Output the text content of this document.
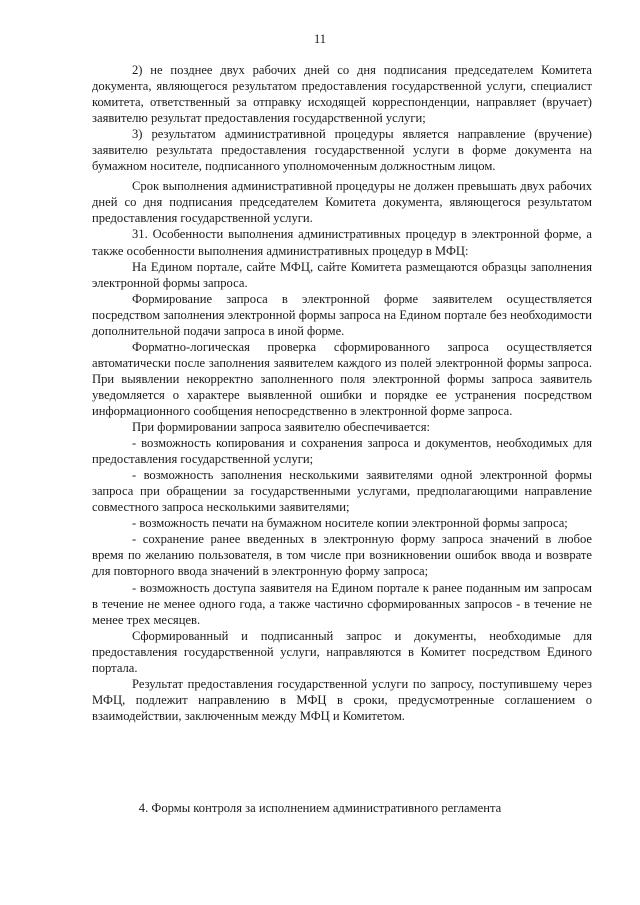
11

2) не позднее двух рабочих дней со дня подписания председателем Комитета документа, являющегося результатом предоставления государственной услуги, специалист комитета, ответственный за отправку исходящей корреспонденции, направляет (вручает) заявителю результат предоставления государственной услуги;

3) результатом административной процедуры является направление (вручение) заявителю результата предоставления государственной услуги в форме документа на бумажном носителе, подписанного уполномоченным должностным лицом.

Срок выполнения административной процедуры не должен превышать двух рабочих дней со дня подписания председателем Комитета документа, являющегося результатом предоставления государственной услуги.

31. Особенности выполнения административных процедур в электронной форме, а также особенности выполнения административных процедур в МФЦ:

На Едином портале, сайте МФЦ, сайте Комитета размещаются образцы заполнения электронной формы запроса.

Формирование запроса в электронной форме заявителем осуществляется посредством заполнения электронной формы запроса на Едином портале без необходимости дополнительной подачи запроса в иной форме.

Форматно-логическая проверка сформированного запроса осуществляется автоматически после заполнения заявителем каждого из полей электронной формы запроса. При выявлении некорректно заполненного поля электронной формы запроса заявитель уведомляется о характере выявленной ошибки и порядке ее устранения посредством информационного сообщения непосредственно в электронной форме запроса.

При формировании запроса заявителю обеспечивается:

- возможность копирования и сохранения запроса и документов, необходимых для предоставления государственной услуги;

- возможность заполнения несколькими заявителями одной электронной формы запроса при обращении за государственными услугами, предполагающими направление совместного запроса несколькими заявителями;

- возможность печати на бумажном носителе копии электронной формы запроса;

- сохранение ранее введенных в электронную форму запроса значений в любое время по желанию пользователя, в том числе при возникновении ошибок ввода и возврате для повторного ввода значений в электронную форму запроса;

- возможность доступа заявителя на Едином портале к ранее поданным им запросам в течение не менее одного года, а также частично сформированных запросов - в течение не менее трех месяцев.

Сформированный и подписанный запрос и документы, необходимые для предоставления государственной услуги, направляются в Комитет посредством Единого портала.

Результат предоставления государственной услуги по запросу, поступившему через МФЦ, подлежит направлению в МФЦ в сроки, предусмотренные соглашением о взаимодействии, заключенным между МФЦ и Комитетом.

4. Формы контроля за исполнением административного регламента
